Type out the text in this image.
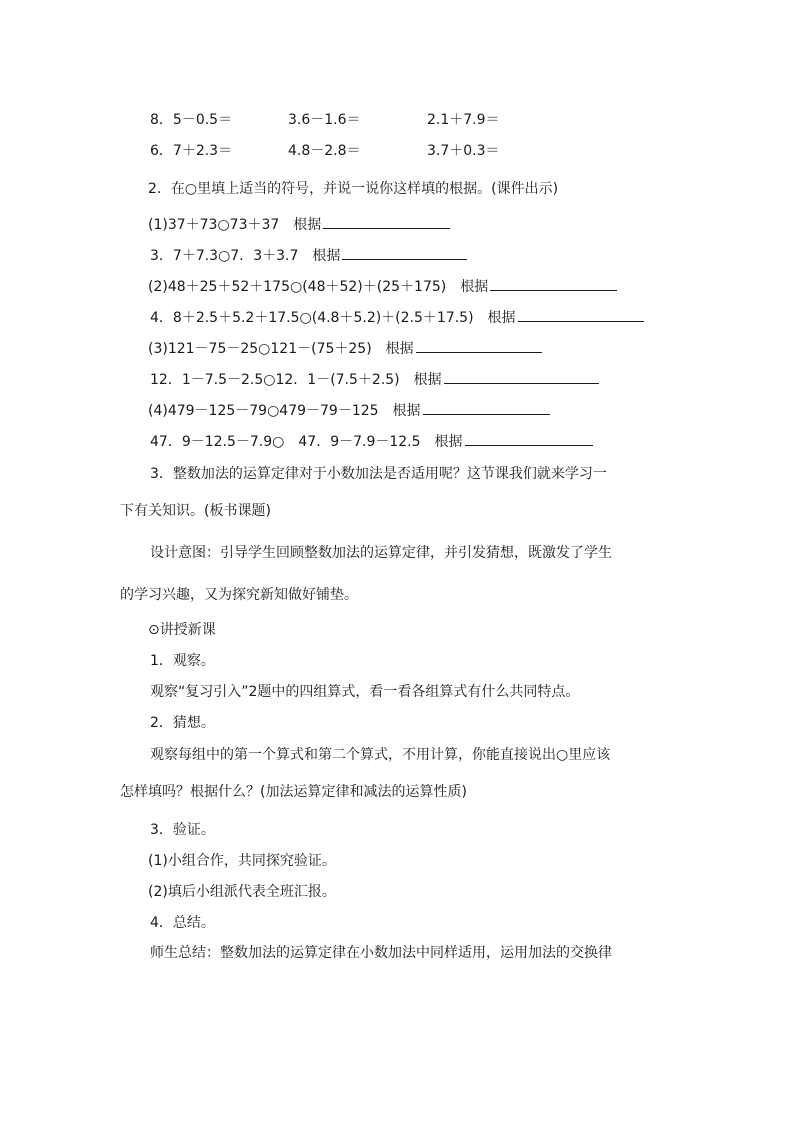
8．5－0.5＝	3.6－1.6＝	2.1＋7.9＝
6．7＋2.3＝	4.8－2.8＝	3.7＋0.3＝
2．在○里填上适当的符号，并说一说你这样填的根据。(课件出示)
(1)37＋73○73＋37　根据
3．7＋7.3○7．3＋3.7　根据
(2)48＋25＋52＋175○(48＋52)＋(25＋175)　根据
4．8＋2.5＋5.2＋17.5○(4.8＋5.2)＋(2.5＋17.5)　根据
(3)121－75－25○121－(75＋25)　根据
12．1－7.5－2.5○12．1－(7.5＋2.5)　根据
(4)479－125－79○479－79－125　根据
47．9－12.5－7.9○　47．9－7.9－12.5　根据
3．整数加法的运算定律对于小数加法是否适用呢？这节课我们就来学习一
下有关知识。(板书课题)
设计意图：引导学生回顾整数加法的运算定律，并引发猜想，既激发了学生
的学习兴趣，又为探究新知做好铺垫。
⊙讲授新课
1．观察。
观察“复习引入”2题中的四组算式，看一看各组算式有什么共同特点。
2．猜想。
观察每组中的第一个算式和第二个算式，不用计算，你能直接说出○里应该
怎样填吗？根据什么？(加法运算定律和减法的运算性质)
3．验证。
(1)小组合作，共同探究验证。
(2)填后小组派代表全班汇报。
4．总结。
师生总结：整数加法的运算定律在小数加法中同样适用，运用加法的交换律
